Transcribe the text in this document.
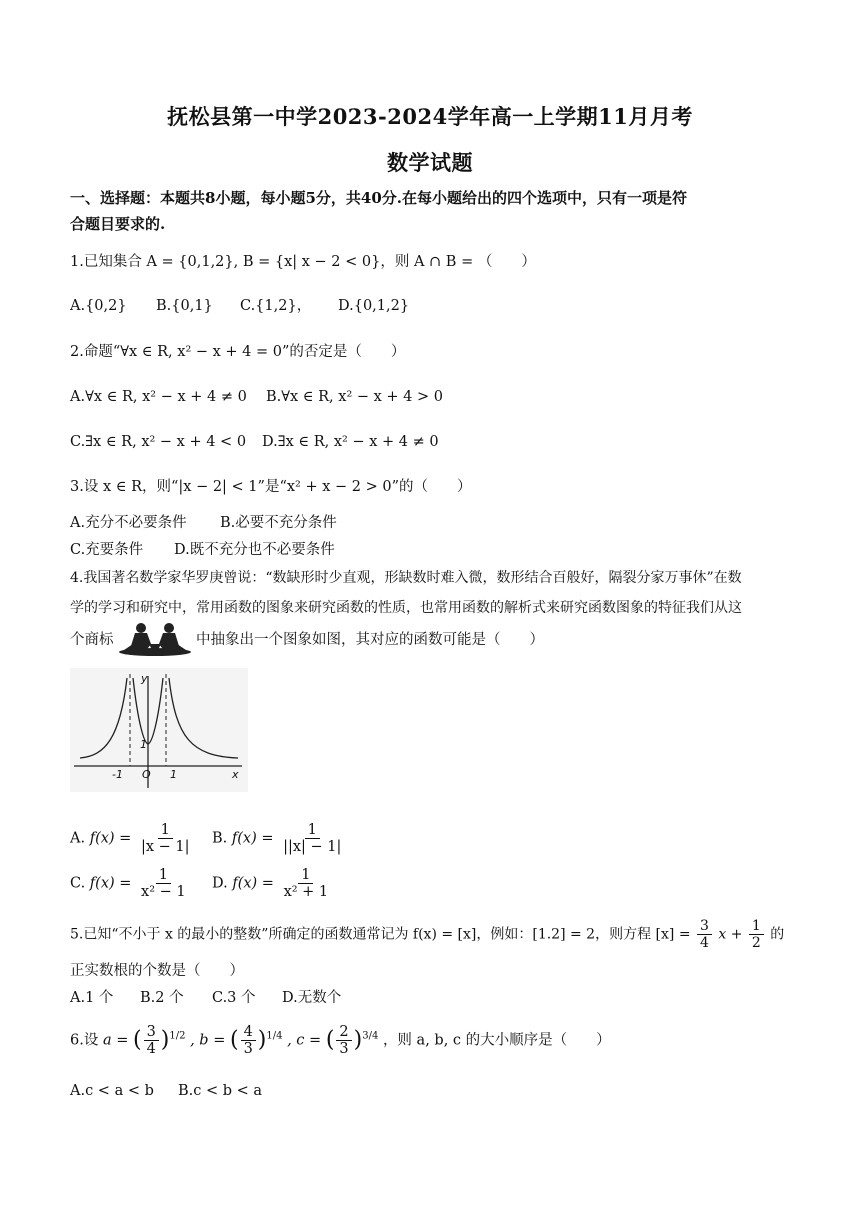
抚松县第一中学2023-2024学年高一上学期11月月考
数学试题
一、选择题：本题共8小题，每小题5分，共40分.在每小题给出的四个选项中，只有一项是符
合题目要求的.
1.已知集合 A = {0,1,2}, B = {x| x − 2 < 0}，则 A ∩ B = （　　）
A.{0,2} B.{0,1} C.{1,2}， D.{0,1,2}
2.命题“∀x ∈ R, x² − x + 4 = 0”的否定是（　　）
A.∀x ∈ R, x² − x + 4 ≠ 0 B.∀x ∈ R, x² − x + 4 > 0
C.∃x ∈ R, x² − x + 4 < 0 D.∃x ∈ R, x² − x + 4 ≠ 0
3.设 x ∈ R，则“|x − 2| < 1”是“x² + x − 2 > 0”的（　　）
A.充分不必要条件 B.必要不充分条件
C.充要条件 D.既不充分也不必要条件
4.我国著名数学家华罗庚曾说：“数缺形时少直观，形缺数时难入微，数形结合百般好，隔裂分家万事休”在数
学的学习和研究中，常用函数的图象来研究函数的性质，也常用函数的解析式来研究函数图象的特征我们从这
个商标	中抽象出一个图象如图，其对应的函数可能是（　　）
y
x
O 1
-1
1
A. $f(x) = \frac{1}{|x - 1|} B$. $f(x) = \frac{1}{||x| - 1|}$
C. $f(x) = \frac{1}{\text{x² − 1}} D$. $f(x) = \frac{1}{\text{x² + 1}}$
5.已知“不小于 x 的最小的整数”所确定的函数通常记为 f(x) = [x]，例如：[1.2] = 2，则方程 $[x] = \frac{3}{4}$ $x + \frac{1}{2}$ 的
正实数根的个数是（　　）
A.1 个 B.2 个 C.3 个 D.无数个
6.设 a = ( $\frac{3}{4} )^{1/2}$ , b = ( $\frac{4}{3} )^{1/4}$ , c = ( $\frac{2}{3} )^{3/4}$ ，则 a, b, c 的大小顺序是（　　）
A.c < a < b B.c < b < a
